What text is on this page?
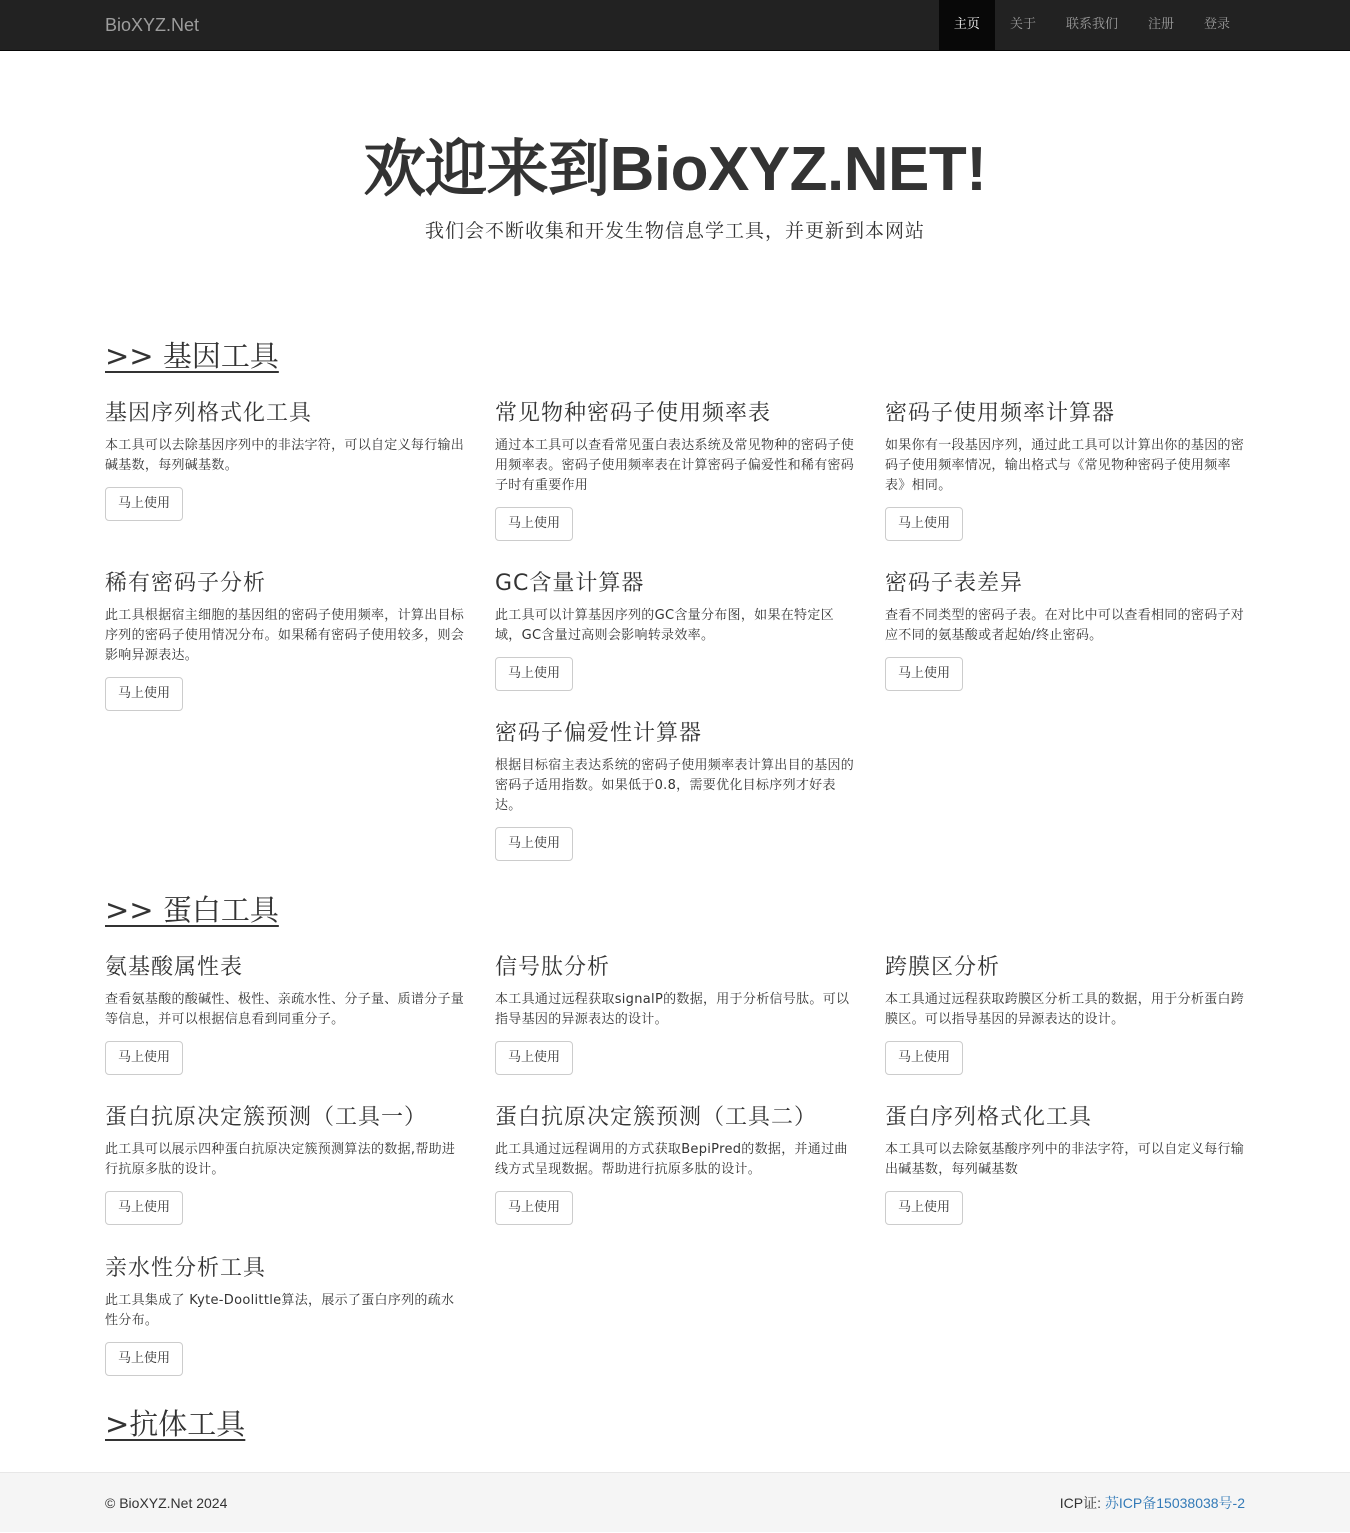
BioXYZ.Net	主页	关于	联系我们	注册	登录
欢迎来到BioXYZ.NET!

我们会不断收集和开发生物信息学工具，并更新到本网站

>> 基因工具
基因序列格式化工具

本工具可以去除基因序列中的非法字符，可以自定义每行输出碱基数，每列碱基数。

马上使用
常见物种密码子使用频率表

通过本工具可以查看常见蛋白表达系统及常见物种的密码子使用频率表。密码子使用频率表在计算密码子偏爱性和稀有密码子时有重要作用

马上使用
密码子使用频率计算器

如果你有一段基因序列，通过此工具可以计算出你的基因的密码子使用频率情况，输出格式与《常见物种密码子使用频率表》相同。

马上使用
稀有密码子分析

此工具根据宿主细胞的基因组的密码子使用频率，计算出目标序列的密码子使用情况分布。如果稀有密码子使用较多，则会影响异源表达。

马上使用
GC含量计算器

此工具可以计算基因序列的GC含量分布图，如果在特定区域，GC含量过高则会影响转录效率。

马上使用
密码子表差异

查看不同类型的密码子表。在对比中可以查看相同的密码子对应不同的氨基酸或者起始/终止密码。

马上使用
密码子偏爱性计算器

根据目标宿主表达系统的密码子使用频率表计算出目的基因的密码子适用指数。如果低于0.8，需要优化目标序列才好表达。

马上使用
>> 蛋白工具
氨基酸属性表

查看氨基酸的酸碱性、极性、亲疏水性、分子量、质谱分子量等信息，并可以根据信息看到同重分子。

马上使用
信号肽分析

本工具通过远程获取signalP的数据，用于分析信号肽。可以指导基因的异源表达的设计。

马上使用
跨膜区分析

本工具通过远程获取跨膜区分析工具的数据，用于分析蛋白跨膜区。可以指导基因的异源表达的设计。

马上使用
蛋白抗原决定簇预测（工具一）

此工具可以展示四种蛋白抗原决定簇预测算法的数据,帮助进行抗原多肽的设计。

马上使用
蛋白抗原决定簇预测（工具二）

此工具通过远程调用的方式获取BepiPred的数据，并通过曲线方式呈现数据。帮助进行抗原多肽的设计。

马上使用
蛋白序列格式化工具

本工具可以去除氨基酸序列中的非法字符，可以自定义每行输出碱基数，每列碱基数

马上使用
亲水性分析工具

此工具集成了 Kyte-Doolittle算法，展示了蛋白序列的疏水性分布。

马上使用
>抗体工具
© BioXYZ.Net 2024	ICP证: 苏ICP备15038038号-2
